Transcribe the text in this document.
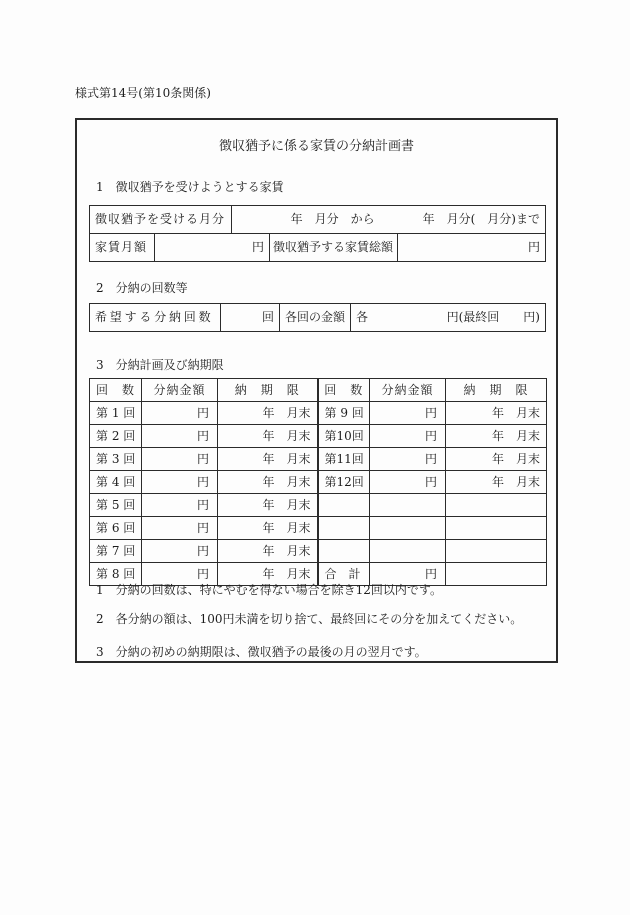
様式第14号(第10条関係)
徴収猶予に係る家賃の分納計画書
1　徴収猶予を受けようとする家賃
徴収猶予を受ける月分	年　月分　から　　　　年　月分(　月分)まで
家賃月額	円 徴収猶予する家賃総額	円
2　分納の回数等
希望する分納回数	回 各回の金額 各	円(最終回　　円)
3　分納計画及び納期限
回　数	分納金額	納　期　限	回　数	分納金額	納　期　限
第 1 回	円	年　月末	第 9 回	円	年　月末
第 2 回	円	年　月末	第10回	円	年　月末
第 3 回	円	年　月末	第11回	円	年　月末
第 4 回	円	年　月末	第12回	円	年　月末
第 5 回	円	年　月末			
第 6 回	円	年　月末			
第 7 回	円	年　月末			
第 8 回	円	年　月末	合　計	円	
1　分納の回数は、特にやむを得ない場合を除き12回以内です。
2　各分納の額は、100円未満を切り捨て、最終回にその分を加えてください。
3　分納の初めの納期限は、徴収猶予の最後の月の翌月です。
